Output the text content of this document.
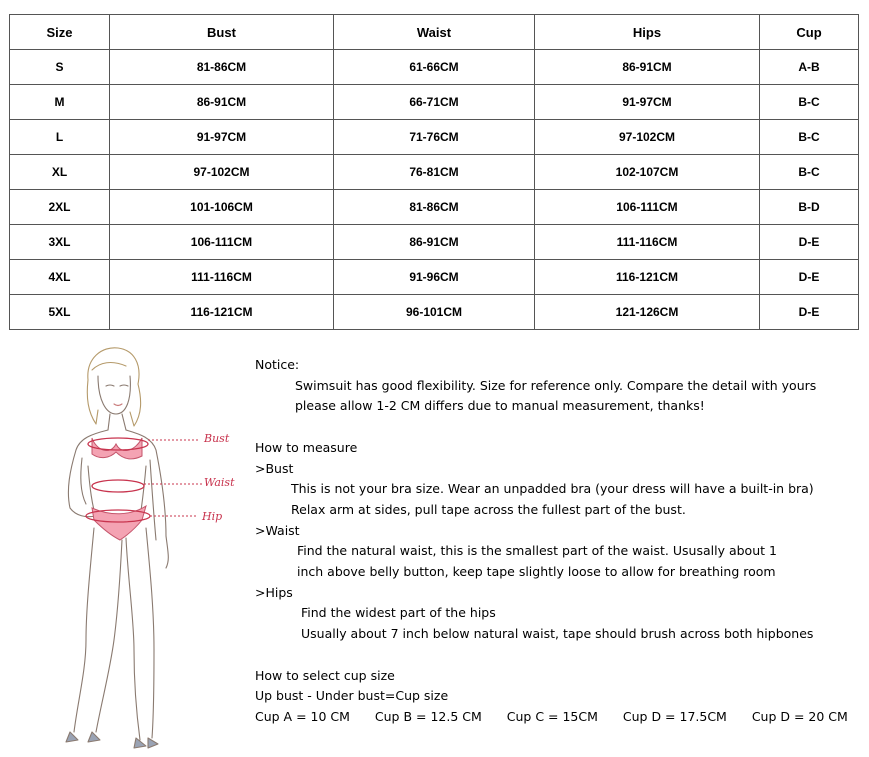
Size	Bust	Waist	Hips	Cup
S	81-86CM	61-66CM	86-91CM	A-B
M	86-91CM	66-71CM	91-97CM	B-C
L	91-97CM	71-76CM	97-102CM	B-C
XL	97-102CM	76-81CM	102-107CM	B-C
2XL	101-106CM	81-86CM	106-111CM	B-D
3XL	106-111CM	86-91CM	111-116CM	D-E
4XL	111-116CM	91-96CM	116-121CM	D-E
5XL	116-121CM	96-101CM	121-126CM	D-E
Bust
Waist
Hip
Notice:
Swimsuit has good flexibility. Size for reference only. Compare the detail with yours
please allow 1-2 CM differs due to manual measurement, thanks!
How to measure
>Bust
This is not your bra size. Wear an unpadded bra (your dress will have a built-in bra)
Relax arm at sides, pull tape across the fullest part of the bust.
>Waist
Find the natural waist, this is the smallest part of the waist. Ususally about 1
inch above belly button, keep tape slightly loose to allow for breathing room
>Hips
Find the widest part of the hips
Usually about 7 inch below natural waist, tape should brush across both hipbones
How to select cup size
Up bust - Under bust=Cup size
Cup A = 10 CM Cup B = 12.5 CM Cup C = 15CM Cup D = 17.5CM Cup D = 20 CM
